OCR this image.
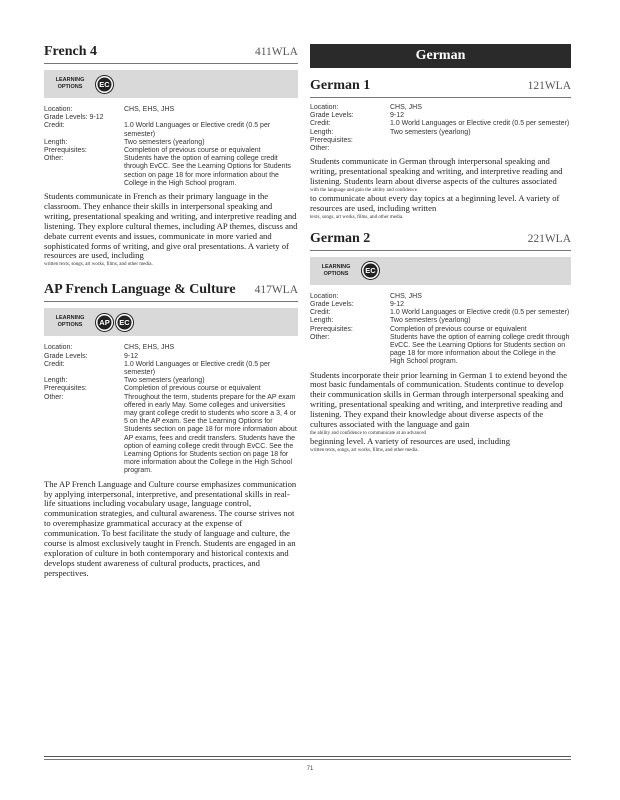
French 4	411WLA
LEARNING
OPTIONS	EC
Location:	CHS, EHS, JHS
Grade Levels: 9-12
Credit:	1.0 World Languages or Elective credit (0.5 per semester)
Length:	Two semesters (yearlong)
Prerequisites:	Completion of previous course or equivalent
Other:	Students have the option of earning college credit through EvCC. See the Learning Options for Students section on page 18 for more information about the College in the High School program.

Students communicate in French as their primary language in the classroom. They enhance their skills in interpersonal speaking and writing, presentational speaking and writing, and interpretive reading and listening. They explore cultural themes, including AP themes, discuss and debate current events and issues, communicate in more varied and sophisticated forms of writing, and give oral presentations. A variety of resources are used, including
written texts, songs, art works, films, and other media.

AP French Language & Culture 417WLA
LEARNING
OPTIONS	AP	EC
Location:	CHS, EHS, JHS
Grade Levels:	9-12
Credit:	1.0 World Languages or Elective credit (0.5 per semester)
Length:	Two semesters (yearlong)
Prerequisites:	Completion of previous course or equivalent
Other:	Throughout the term, students prepare for the AP exam offered in early May. Some colleges and universities may grant college credit to students who score a 3, 4 or 5 on the AP exam. See the Learning Options for Students section on page 18 for more information about AP exams, fees and credit transfers. Students have the option of earning college credit through EvCC. See the Learning Options for Students section on page 18 for more information about the College in the High School program.

The AP French Language and Culture course emphasizes communication by applying interpersonal, interpretive, and presentational skills in real-life situations including vocabulary usage, language control, communication strategies, and cultural awareness. The course strives not to overemphasize grammatical accuracy at the expense of communication. To best facilitate the study of language and culture, the course is almost exclusively taught in French. Students are engaged in an exploration of culture in both contemporary and historical contexts and develops student awareness of cultural products, practices, and perspectives.

German
German 1	121WLA
Location:	CHS, JHS
Grade Levels:	9-12
Credit:	1.0 World Languages or Elective credit (0.5 per semester)
Length:	Two semesters (yearlong)
Prerequisites:
Other:

Students communicate in German through interpersonal speaking and writing, presentational speaking and writing, and interpretive reading and listening. Students learn about diverse aspects of the cultures associated
with the language and gain the ability and confidence
to communicate about every day topics at a beginning level. A variety of resources are used, including written
texts, songs, art works, films, and other media.

German 2	221WLA
LEARNING
OPTIONS	EC
Location:	CHS, JHS
Grade Levels:	9-12
Credit:	1.0 World Languages or Elective credit (0.5 per semester)
Length:	Two semesters (yearlong)
Prerequisites:	Completion of previous course or equivalent
Other:	Students have the option of earning college credit through EvCC. See the Learning Options for Students section on page 18 for more information about the College in the High School program.

Students incorporate their prior learning in German 1 to extend beyond the most basic fundamentals of communication. Students continue to develop their communication skills in German through interpersonal speaking and writing, presentational speaking and writing, and interpretive reading and listening. They expand their knowledge about diverse aspects of the cultures associated with the language and gain
the ability and confidence to communicate at an advanced
beginning level. A variety of resources are used, including
written texts, songs, art works, films, and other media.

71
